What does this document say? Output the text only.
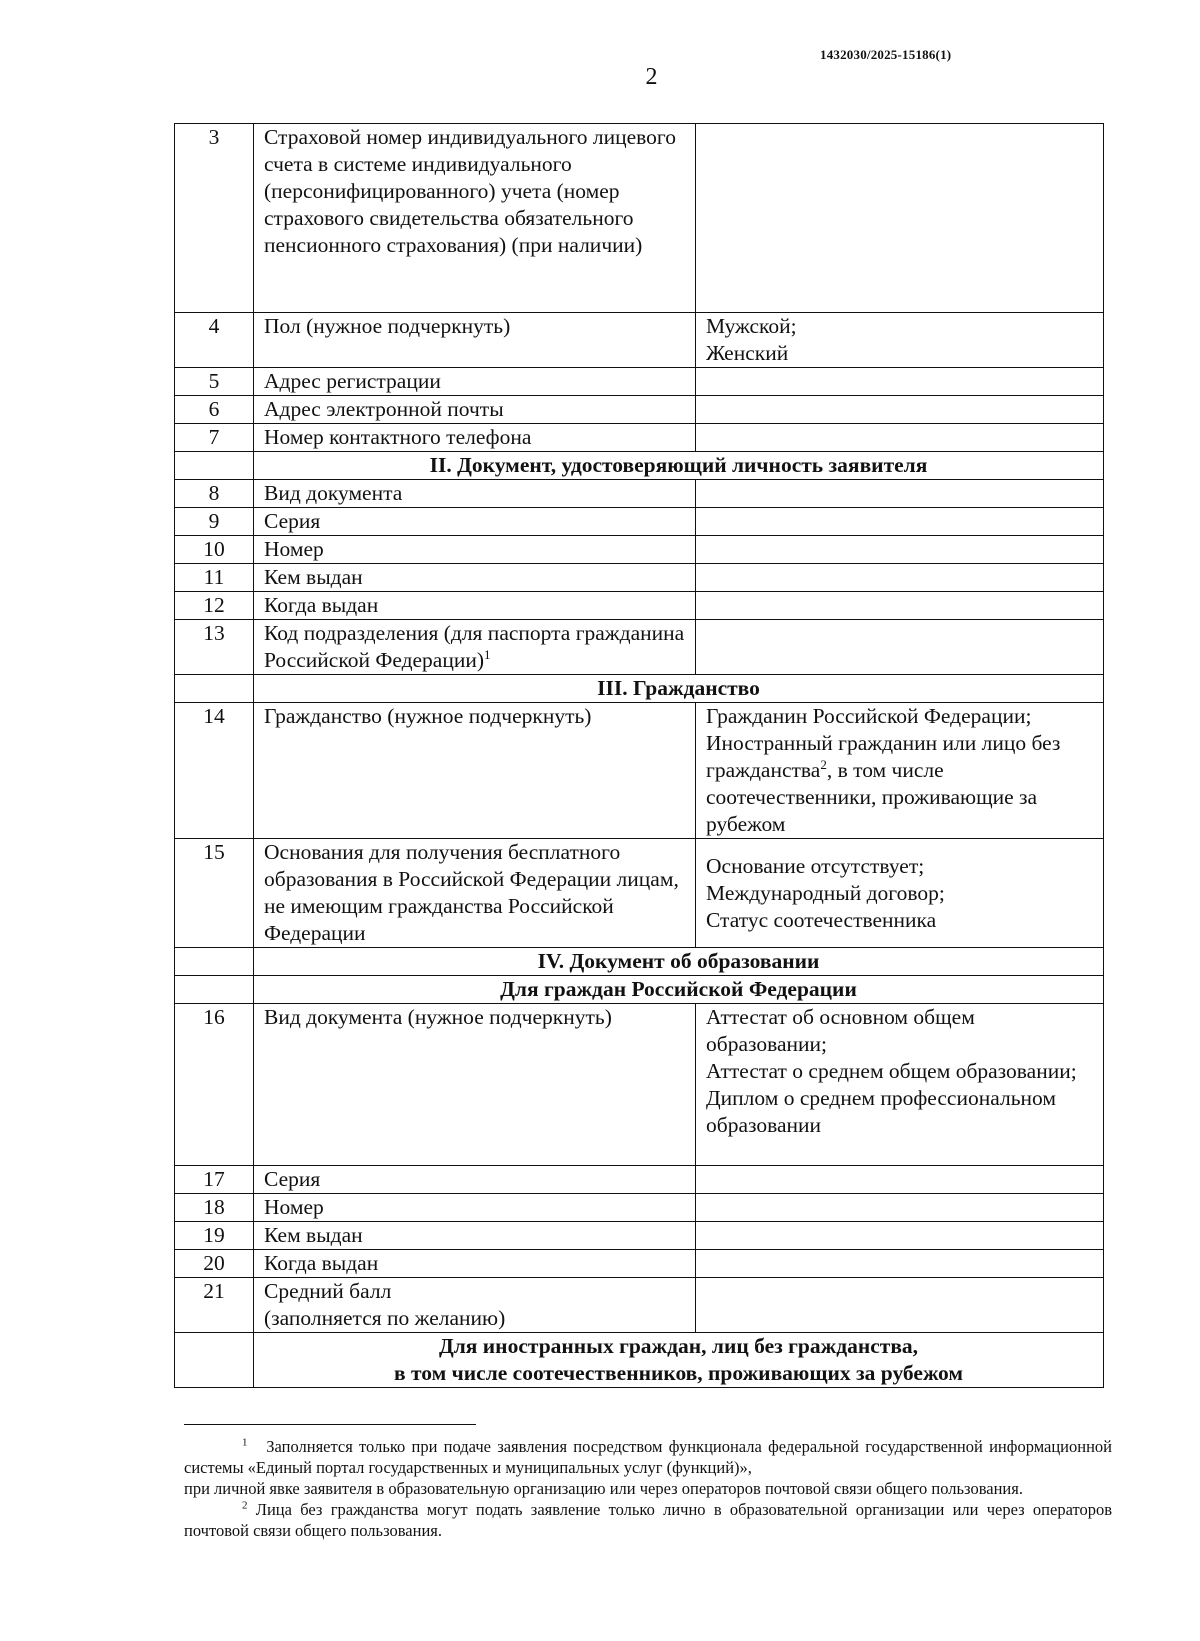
1432030/2025-15186(1)
2
3	Страховой номер индивидуального лицевого счета в системе индивидуального (персонифицированного) учета (номер страхового свидетельства обязательного пенсионного страхования) (при наличии)	
4	Пол (нужное подчеркнуть)	Мужской;
Женский

5	Адрес регистрации	
6	Адрес электронной почты	
7	Номер контактного телефона	
	II. Документ, удостоверяющий личность заявителя	
8	Вид документа	
9	Серия	
10	Номер	
11	Кем выдан	
12	Когда выдан	
13	Код подразделения (для паспорта гражданина Российской Федерации)$^1$	
	III. Гражданство	
14	Гражданство (нужное подчеркнуть)	Гражданин Российской Федерации; Иностранный гражданин или лицо без гражданства$^2$, в том числе соотечественники, проживающие за рубежом
15	Основания для получения бесплатного образования в Российской Федерации лицам, не имеющим гражданства Российской Федерации	Основание отсутствует;
Международный договор;
Статус соотечественника

	IV. Документ об образовании	
	Для граждан Российской Федерации	
16	Вид документа (нужное подчеркнуть)	Аттестат об основном общем образовании;
Аттестат о среднем общем образовании;
Диплом о среднем профессиональном образовании

17	Серия	
18	Номер	
19	Кем выдан	
20	Когда выдан	
21	Средний балл
(заполняется по желанию)	

	Для иностранных граждан, лиц без гражданства,
в том числе соотечественников, проживающих за рубежом	

$^1$ Заполняется только при подаче заявления посредством функционала федеральной государственной информационной системы «Единый портал государственных и муниципальных услуг (функций)»,

при личной явке заявителя в образовательную организацию или через операторов почтовой связи общего пользования.

$^2$ Лица без гражданства могут подать заявление только лично в образовательной организации или через операторов почтовой связи общего пользования.
